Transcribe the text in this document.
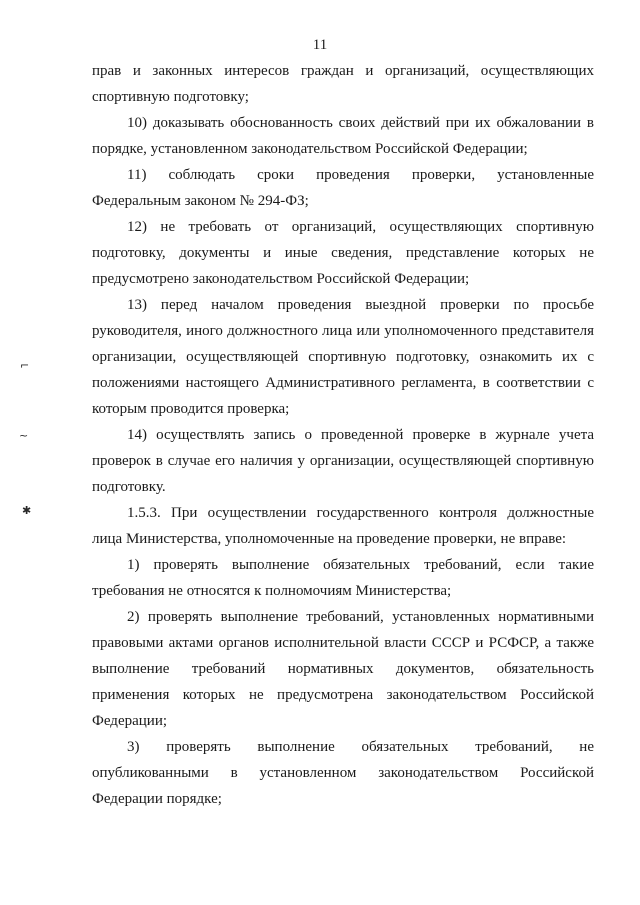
11

прав и законных интересов граждан и организаций, осуществляющих спортивную подготовку;

10) доказывать обоснованность своих действий при их обжаловании в порядке, установленном законодательством Российской Федерации;

11) соблюдать сроки проведения проверки, установленные Федеральным законом № 294-ФЗ;

12) не требовать от организаций, осуществляющих спортивную подготовку, документы и иные сведения, представление которых не предусмотрено законодательством Российской Федерации;

13) перед началом проведения выездной проверки по просьбе руководителя, иного должностного лица или уполномоченного представителя организации, осуществляющей спортивную подготовку, ознакомить их с положениями настоящего Административного регламента, в соответствии с которым проводится проверка;

14) осуществлять запись о проведенной проверке в журнале учета проверок в случае его наличия у организации, осуществляющей спортивную подготовку.

1.5.3. При осуществлении государственного контроля должностные лица Министерства, уполномоченные на проведение проверки, не вправе:

1) проверять выполнение обязательных требований, если такие требования не относятся к полномочиям Министерства;

2) проверять выполнение требований, установленных нормативными правовыми актами органов исполнительной власти СССР и РСФСР, а также выполнение требований нормативных документов, обязательность применения которых не предусмотрена законодательством Российской Федерации;

3) проверять выполнение обязательных требований, не опубликованными в установленном законодательством Российской Федерации порядке;

⌐
~
✱
